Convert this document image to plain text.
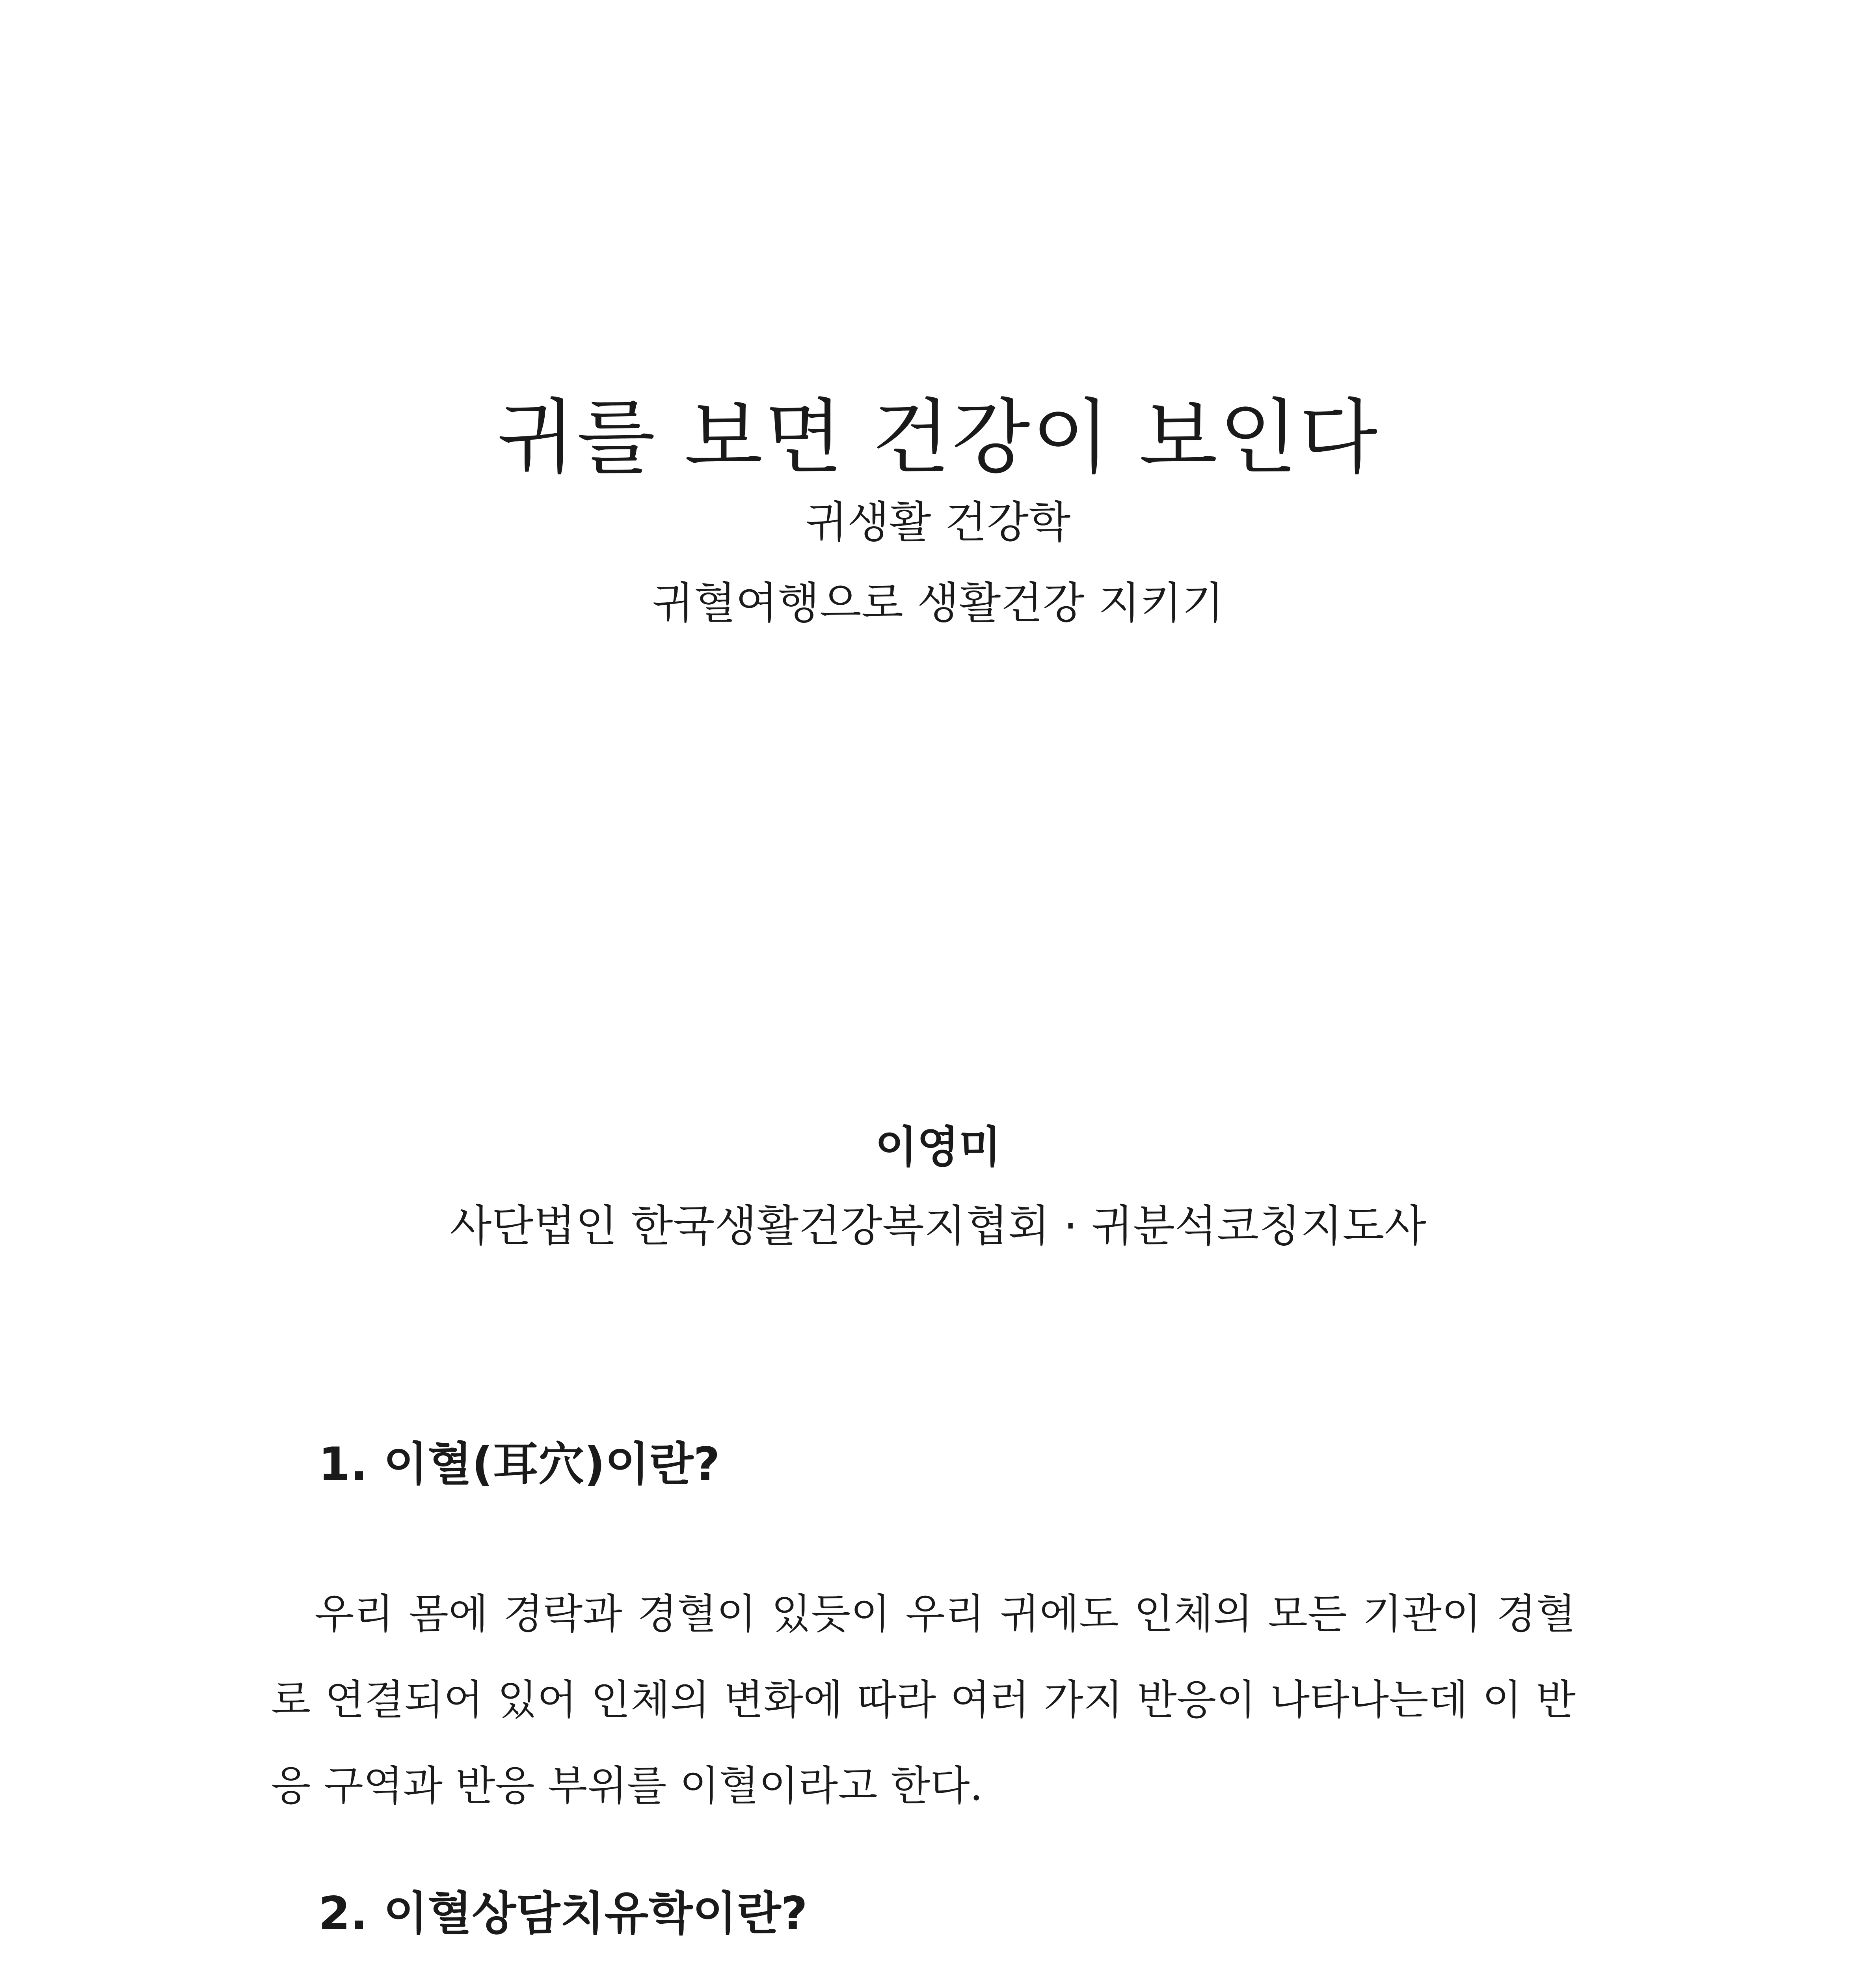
귀를 보면 건강이 보인다
귀생활 건강학
귀혈여행으로 생활건강 지키기
이영미
사단법인 한국생활건강복지협회 · 귀분석코칭지도사
1. 이혈(耳穴)이란?
우리 몸에 경락과 경혈이 있듯이 우리 귀에도 인체의 모든 기관이 경혈로 연결되어 있어 인체의 변화에 따라 여러 가지 반응이 나타나는데 이 반응 구역과 반응 부위를 이혈이라고 한다.
2. 이혈상담치유학이란?
